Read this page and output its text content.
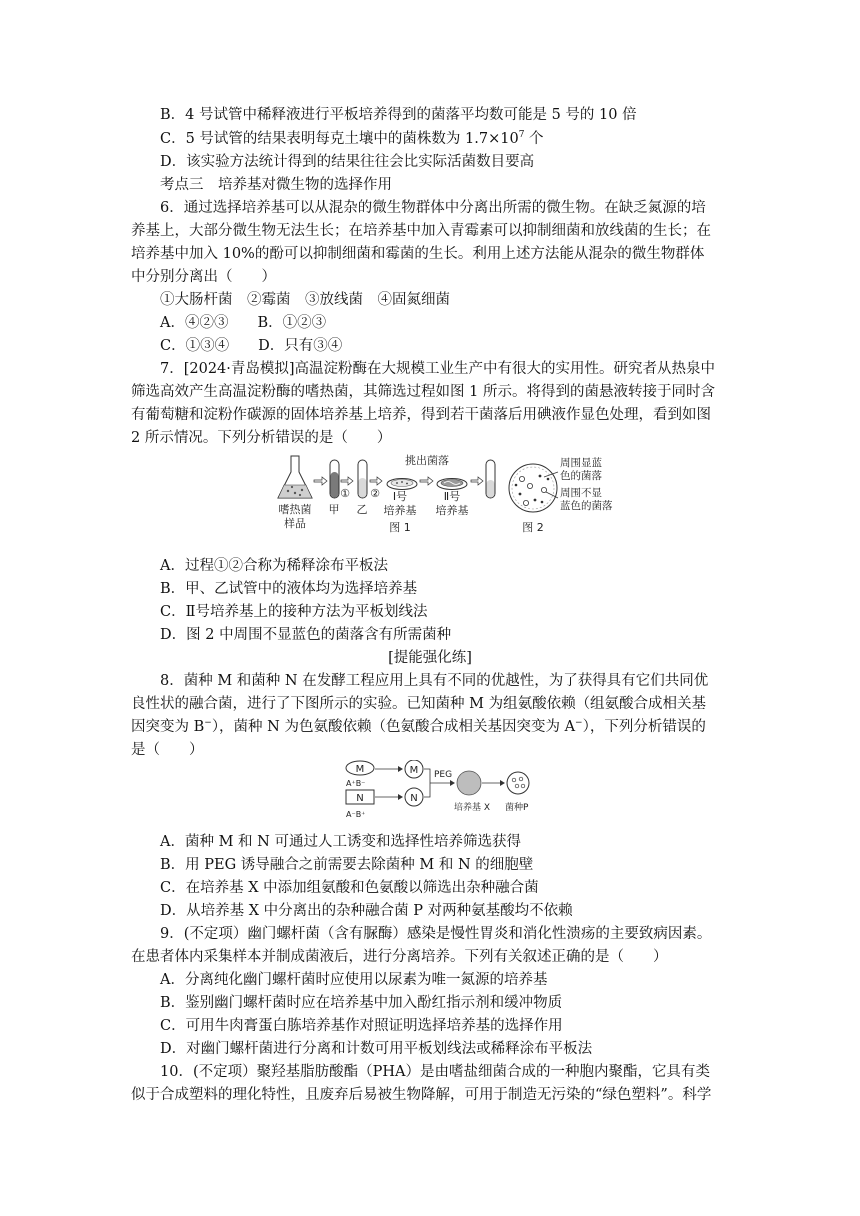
B．4 号试管中稀释液进行平板培养得到的菌落平均数可能是 5 号的 10 倍
C．5 号试管的结果表明每克土壤中的菌株数为 $1.7\times 10^7$ 个
D．该实验方法统计得到的结果往往会比实际活菌数目要高
考点三　培养基对微生物的选择作用
6．通过选择培养基可以从混杂的微生物群体中分离出所需的微生物。在缺乏氮源的培
养基上，大部分微生物无法生长；在培养基中加入青霉素可以抑制细菌和放线菌的生长；在
培养基中加入 10%的酚可以抑制细菌和霉菌的生长。利用上述方法能从混杂的微生物群体
中分别分离出（　　）
①大肠杆菌　②霉菌　③放线菌　④固氮细菌
A．④②③　　B．①②③
C．①③④　　D．只有③④
7．[2024·青岛模拟]高温淀粉酶在大规模工业生产中有很大的实用性。研究者从热泉中
筛选高效产生高温淀粉酶的嗜热菌，其筛选过程如图 1 所示。将得到的菌悬液转接于同时含
有葡萄糖和淀粉作碳源的固体培养基上培养，得到若干菌落后用碘液作显色处理，看到如图
2 所示情况。下列分析错误的是（　　）
嗜热菌
样品
甲
①
乙
② Ⅰ号
培养基
挑出菌落
Ⅱ号
培养基
图 1
周围显蓝
色的菌落
周围不显
蓝色的菌落
图 2
A．过程①②合称为稀释涂布平板法
B．甲、乙试管中的液体均为选择培养基
C．Ⅱ号培养基上的接种方法为平板划线法
D．图 2 中周围不显蓝色的菌落含有所需菌种
[提能强化练]
8．菌种 M 和菌种 N 在发酵工程应用上具有不同的优越性，为了获得具有它们共同优
良性状的融合菌，进行了下图所示的实验。已知菌种 M 为组氨酸依赖（组氨酸合成相关基
因突变为 B−），菌种 N 为色氨酸依赖（色氨酸合成相关基因突变为 A−），下列分析错误的
是（　　）
M
A⁺B⁻
M
N
A⁻B⁺
N
PEG
培养基 X 菌种P
A．菌种 M 和 N 可通过人工诱变和选择性培养筛选获得
B．用 PEG 诱导融合之前需要去除菌种 M 和 N 的细胞壁
C．在培养基 X 中添加组氨酸和色氨酸以筛选出杂种融合菌
D．从培养基 X 中分离出的杂种融合菌 P 对两种氨基酸均不依赖
9．(不定项）幽门螺杆菌（含有脲酶）感染是慢性胃炎和消化性溃疡的主要致病因素。
在患者体内采集样本并制成菌液后，进行分离培养。下列有关叙述正确的是（　　）
A．分离纯化幽门螺杆菌时应使用以尿素为唯一氮源的培养基
B．鉴别幽门螺杆菌时应在培养基中加入酚红指示剂和缓冲物质
C．可用牛肉膏蛋白胨培养基作对照证明选择培养基的选择作用
D．对幽门螺杆菌进行分离和计数可用平板划线法或稀释涂布平板法
10．(不定项）聚羟基脂肪酸酯（PHA）是由嗜盐细菌合成的一种胞内聚酯，它具有类
似于合成塑料的理化特性，且废弃后易被生物降解，可用于制造无污染的“绿色塑料”。科学
